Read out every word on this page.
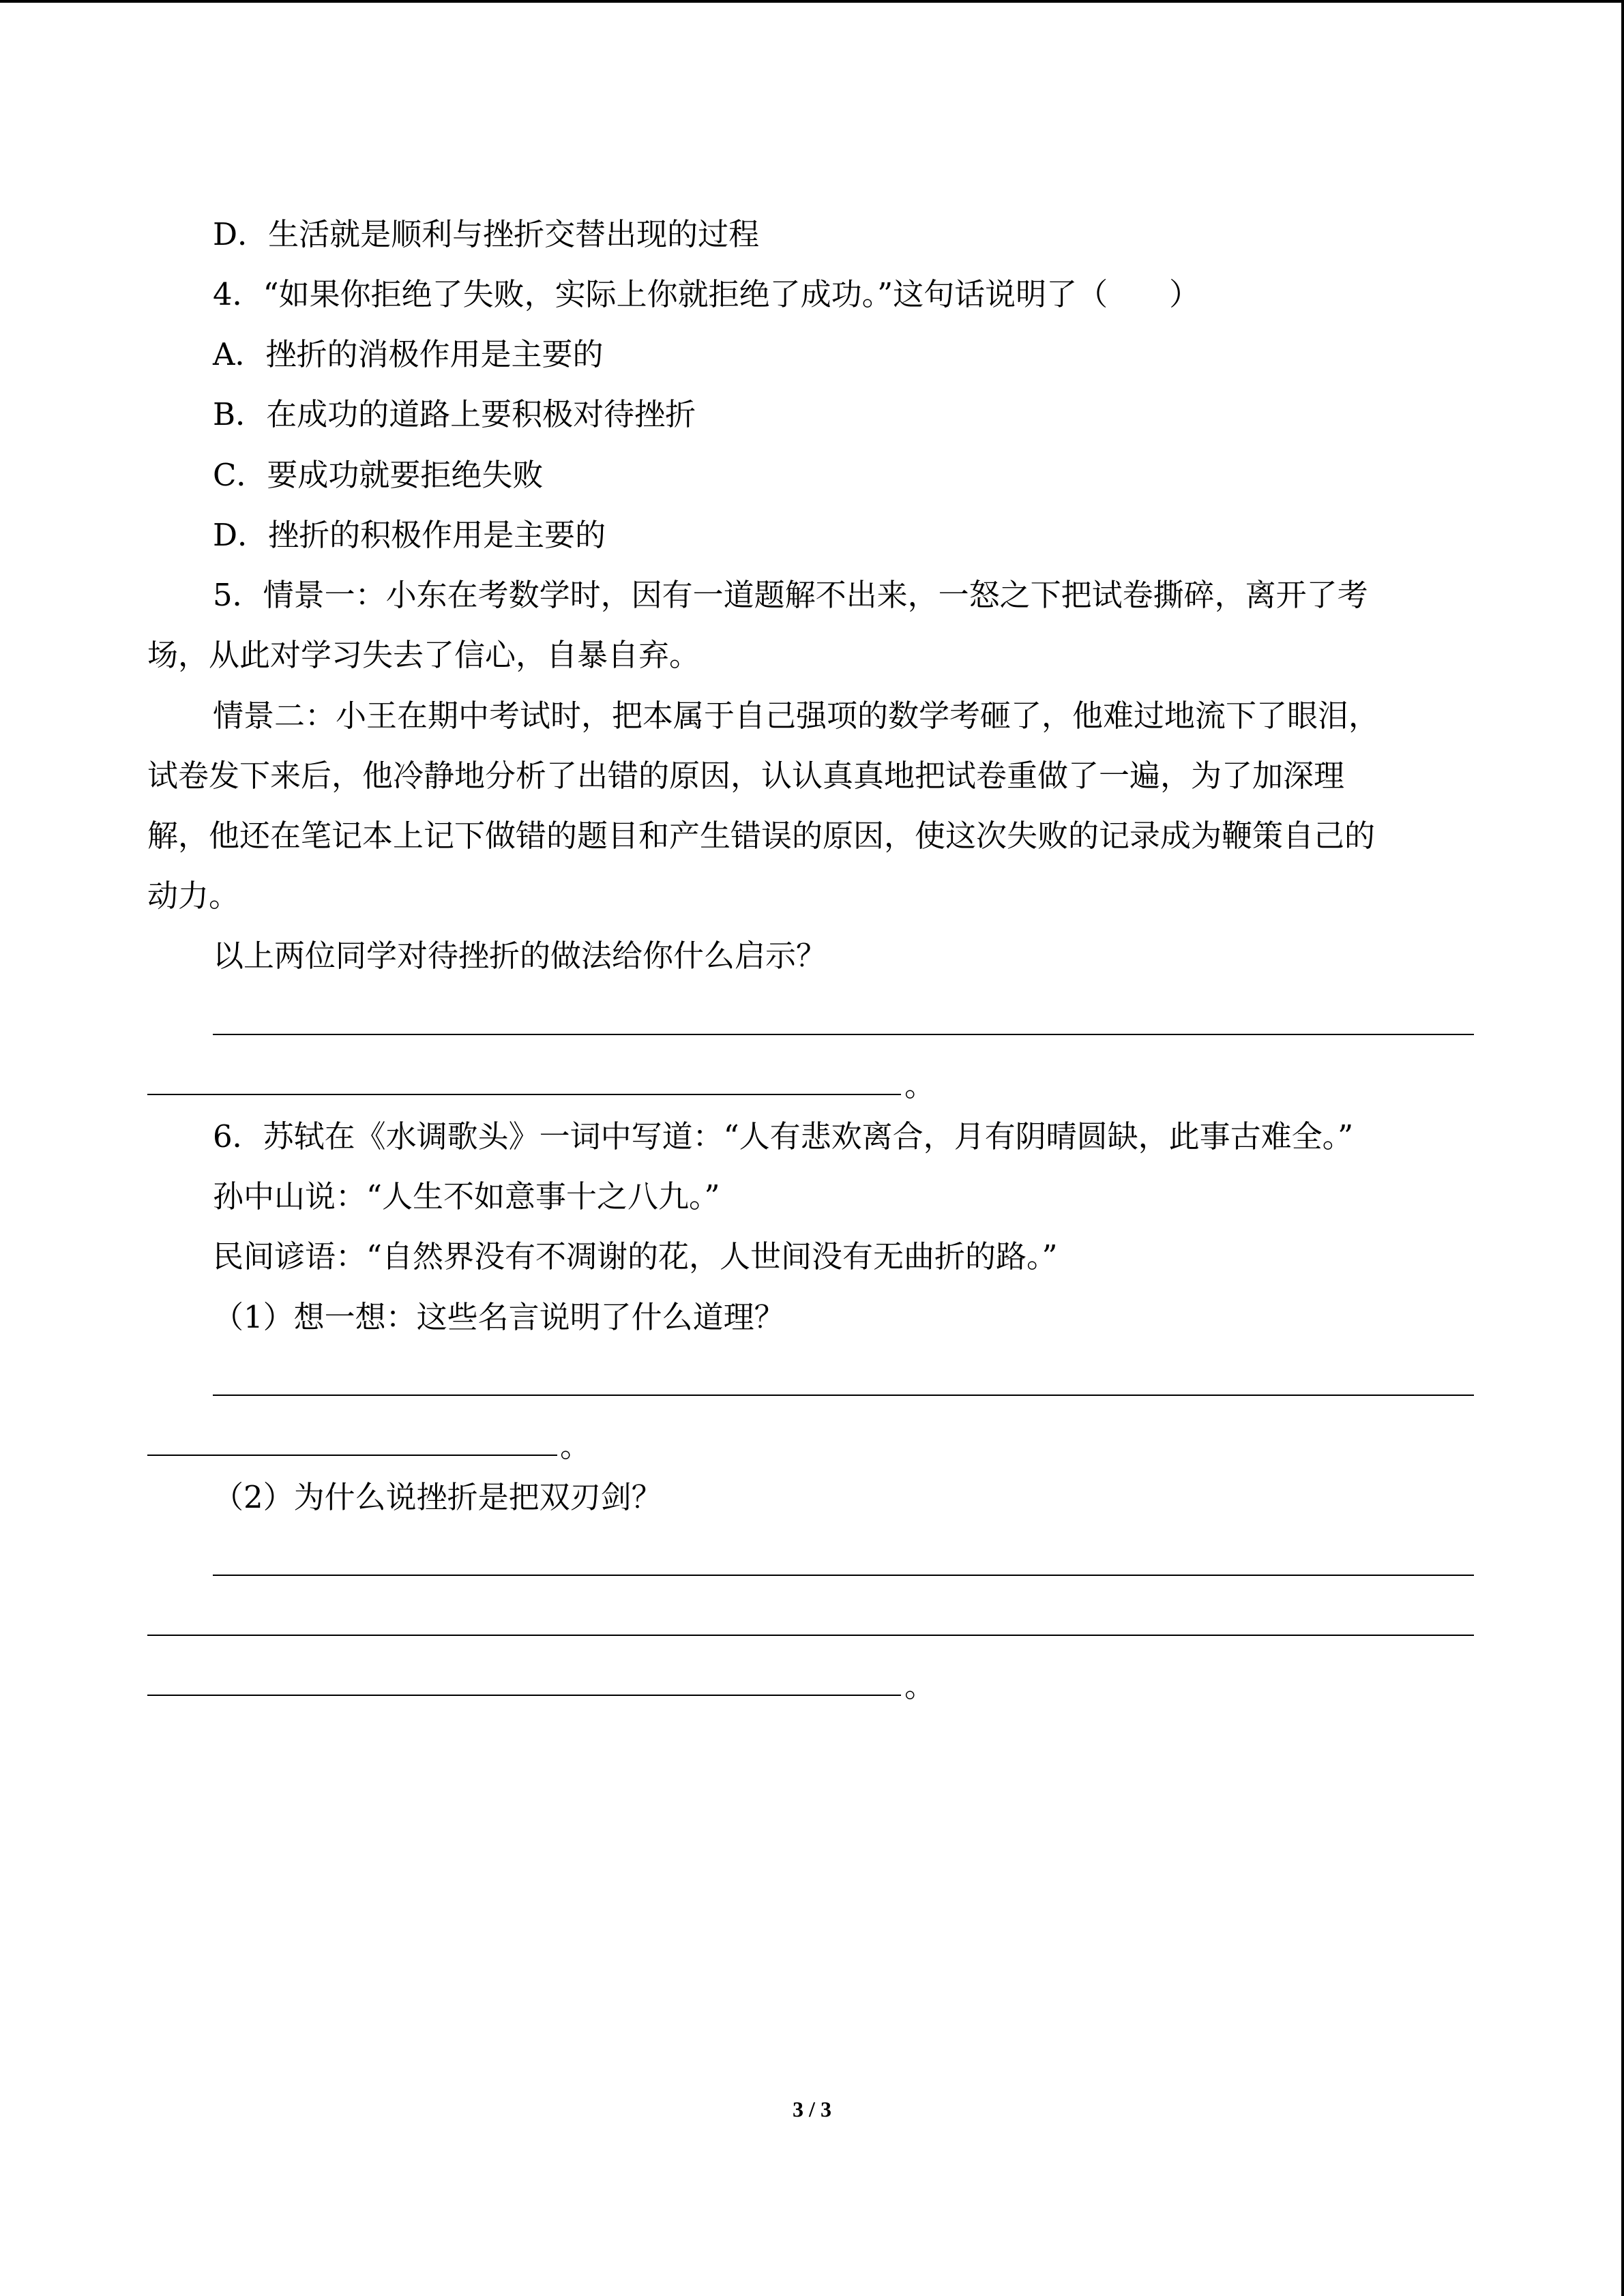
D．生活就是顺利与挫折交替出现的过程
4．“如果你拒绝了失败，实际上你就拒绝了成功。”这句话说明了（　　）
A．挫折的消极作用是主要的
B．在成功的道路上要积极对待挫折
C．要成功就要拒绝失败
D．挫折的积极作用是主要的
5．情景一：小东在考数学时，因有一道题解不出来，一怒之下把试卷撕碎，离开了考
场，从此对学习失去了信心，自暴自弃。
情景二：小王在期中考试时，把本属于自己强项的数学考砸了，他难过地流下了眼泪，
试卷发下来后，他冷静地分析了出错的原因，认认真真地把试卷重做了一遍，为了加深理
解，他还在笔记本上记下做错的题目和产生错误的原因，使这次失败的记录成为鞭策自己的
动力。
以上两位同学对待挫折的做法给你什么启示？
。
6．苏轼在《水调歌头》一词中写道：“人有悲欢离合，月有阴晴圆缺，此事古难全。”
孙中山说：“人生不如意事十之八九。”
民间谚语：“自然界没有不凋谢的花，人世间没有无曲折的路。”
（1）想一想：这些名言说明了什么道理？
。
（2）为什么说挫折是把双刃剑？
。
3 / 3
